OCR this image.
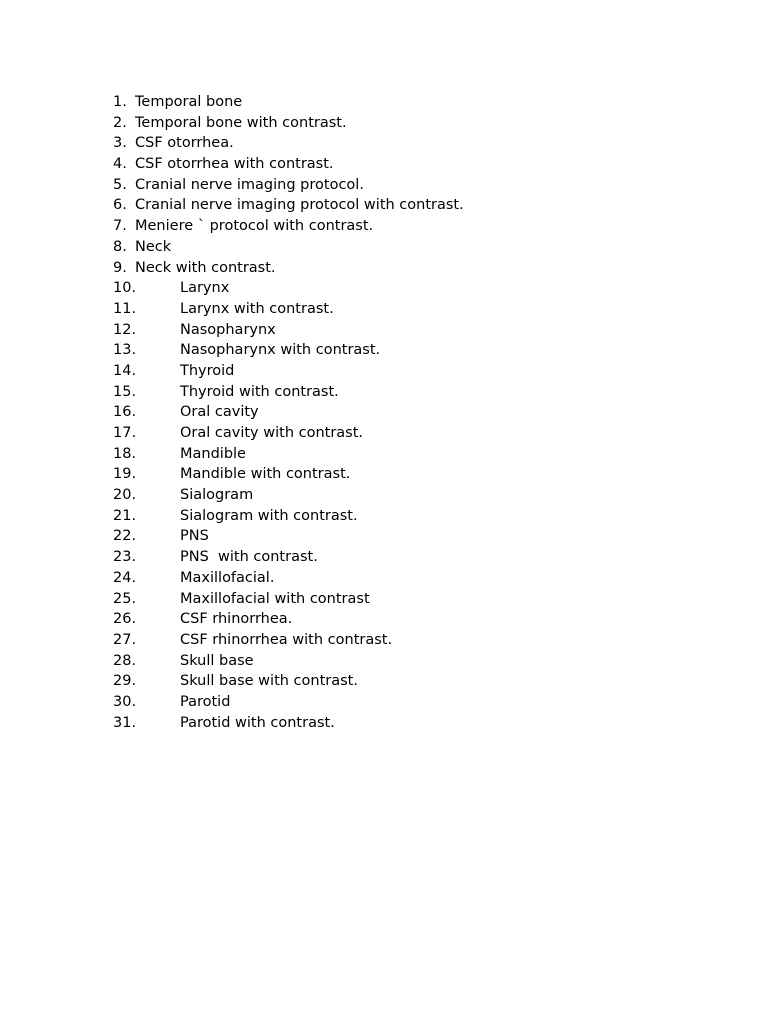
1. Temporal bone
2. Temporal bone with contrast.
3. CSF otorrhea.
4. CSF otorrhea with contrast.
5. Cranial nerve imaging protocol.
6. Cranial nerve imaging protocol with contrast.
7. Meniere ` protocol with contrast.
8. Neck
9. Neck with contrast.
10.	Larynx
11.	Larynx with contrast.
12.	Nasopharynx
13.	Nasopharynx with contrast.
14.	Thyroid
15.	Thyroid with contrast.
16.	Oral cavity
17.	Oral cavity with contrast.
18.	Mandible
19.	Mandible with contrast.
20.	Sialogram
21.	Sialogram with contrast.
22.	PNS
23.	PNS  with contrast.
24.	Maxillofacial.
25.	Maxillofacial with contrast
26.	CSF rhinorrhea.
27.	CSF rhinorrhea with contrast.
28.	Skull base
29.	Skull base with contrast.
30.	Parotid
31.	Parotid with contrast.
